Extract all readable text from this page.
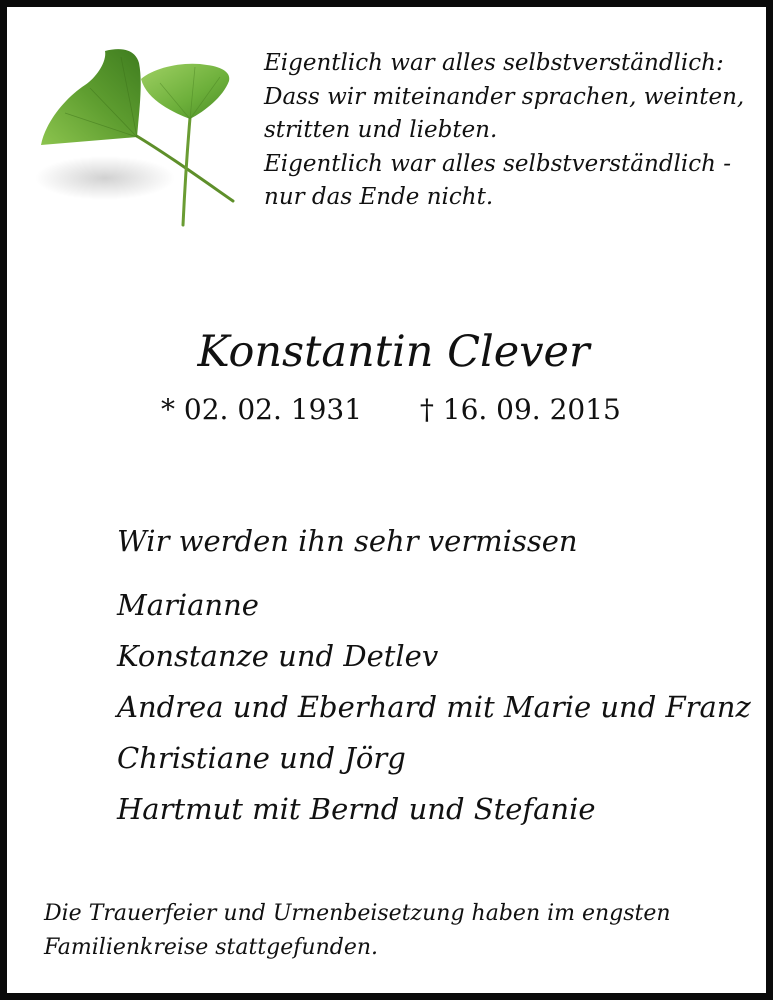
Eigentlich war alles selbstverständlich:
Dass wir miteinander sprachen, weinten,
stritten und liebten.
Eigentlich war alles selbstverständlich -
nur das Ende nicht.
Konstantin Clever
* 02. 02. 1931 † 16. 09. 2015
Wir werden ihn sehr vermissen
Marianne
Konstanze und Detlev
Andrea und Eberhard mit Marie und Franz
Christiane und Jörg
Hartmut mit Bernd und Stefanie
Die Trauerfeier und Urnenbeisetzung haben im engsten
Familienkreise stattgefunden.
